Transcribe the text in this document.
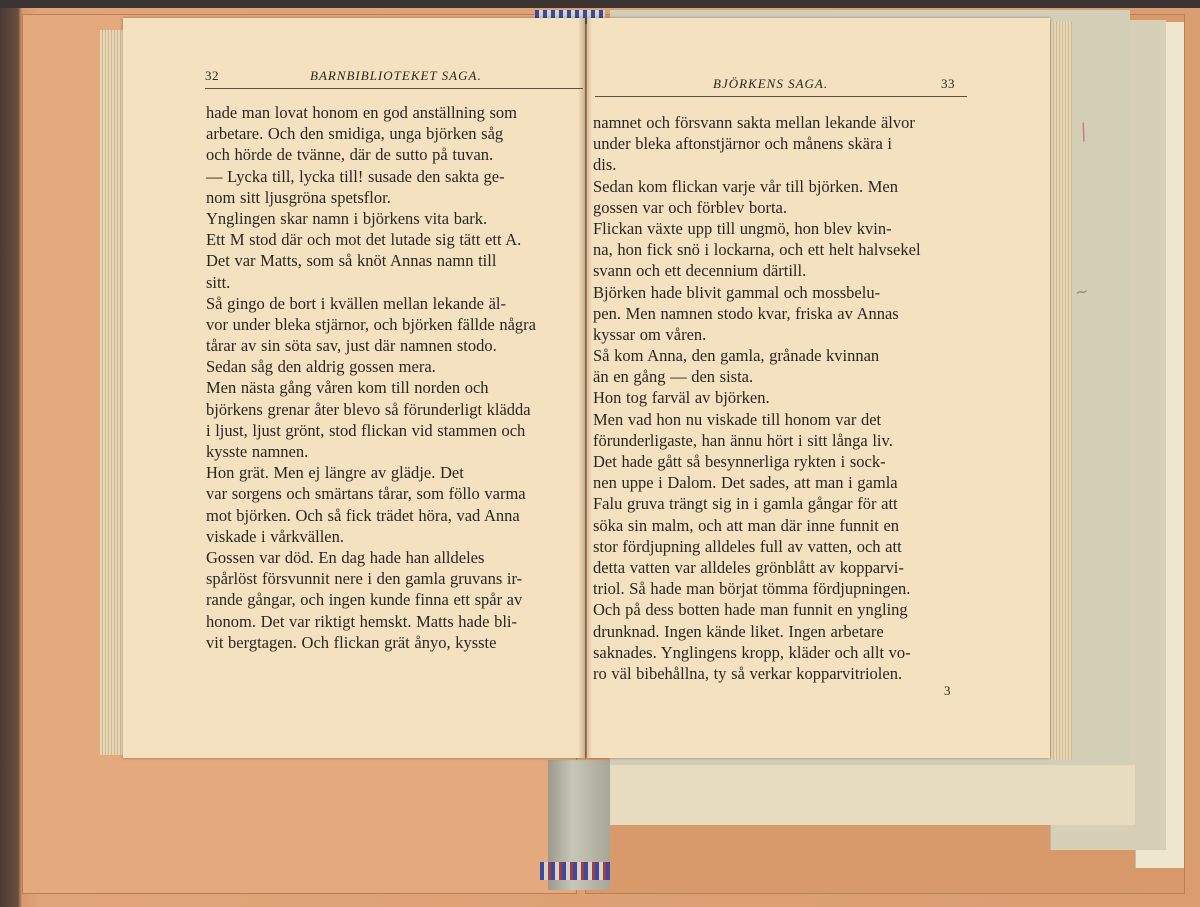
/
~
32	BARNBIBLIOTEKET SAGA.
hade man lovat honom en god anställning som
arbetare. Och den smidiga, unga björken såg
och hörde de tvänne, där de sutto på tuvan.
— Lycka till, lycka till! susade den sakta ge-
nom sitt ljusgröna spetsflor.
Ynglingen skar namn i björkens vita bark.
Ett M stod där och mot det lutade sig tätt ett A.
Det var Matts, som så knöt Annas namn till
sitt.
Så gingo de bort i kvällen mellan lekande äl-
vor under bleka stjärnor, och björken fällde några
tårar av sin söta sav, just där namnen stodo.
Sedan såg den aldrig gossen mera.
Men nästa gång våren kom till norden och
björkens grenar åter blevo så förunderligt klädda
i ljust, ljust grönt, stod flickan vid stammen och
kysste namnen.
Hon grät. Men ej längre av glädje. Det
var sorgens och smärtans tårar, som föllo varma
mot björken. Och så fick trädet höra, vad Anna
viskade i vårkvällen.
Gossen var död. En dag hade han alldeles
spårlöst försvunnit nere i den gamla gruvans ir-
rande gångar, och ingen kunde finna ett spår av
honom. Det var riktigt hemskt. Matts hade bli-
vit bergtagen. Och flickan grät ånyo, kysste
BJÖRKENS SAGA.	33
namnet och försvann sakta mellan lekande älvor
under bleka aftonstjärnor och månens skära i
dis.
Sedan kom flickan varje vår till björken. Men
gossen var och förblev borta.
Flickan växte upp till ungmö, hon blev kvin-
na, hon fick snö i lockarna, och ett helt halvsekel
svann och ett decennium därtill.
Björken hade blivit gammal och mossbelu-
pen. Men namnen stodo kvar, friska av Annas
kyssar om våren.
Så kom Anna, den gamla, grånade kvinnan
än en gång — den sista.
Hon tog farväl av björken.
Men vad hon nu viskade till honom var det
förunderligaste, han ännu hört i sitt långa liv.
Det hade gått så besynnerliga rykten i sock-
nen uppe i Dalom. Det sades, att man i gamla
Falu gruva trängt sig in i gamla gångar för att
söka sin malm, och att man där inne funnit en
stor fördjupning alldeles full av vatten, och att
detta vatten var alldeles grönblått av kopparvi-
triol. Så hade man börjat tömma fördjupningen.
Och på dess botten hade man funnit en yngling
drunknad. Ingen kände liket. Ingen arbetare
saknades. Ynglingens kropp, kläder och allt vo-
ro väl bibehållna, ty så verkar kopparvitriolen.
3
